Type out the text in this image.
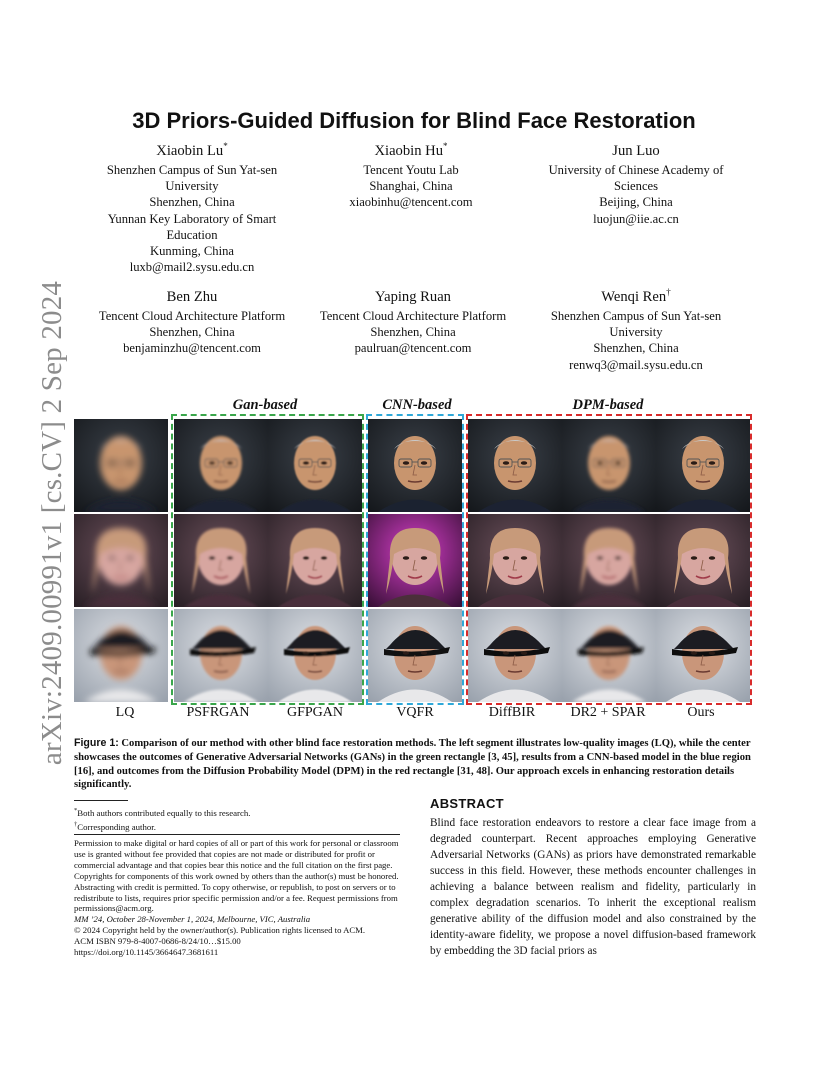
arXiv:2409.00991v1 [cs.CV] 2 Sep 2024
3D Priors-Guided Diffusion for Blind Face Restoration
Xiaobin Lu*
Shenzhen Campus of Sun Yat-sen
University
Shenzhen, China
Yunnan Key Laboratory of Smart
Education
Kunming, China
luxb@mail2.sysu.edu.cn
Xiaobin Hu*
Tencent Youtu Lab
Shanghai, China
xiaobinhu@tencent.com
Jun Luo
University of Chinese Academy of
Sciences
Beijing, China
luojun@iie.ac.cn
Ben Zhu
Tencent Cloud Architecture Platform
Shenzhen, China
benjaminzhu@tencent.com
Yaping Ruan
Tencent Cloud Architecture Platform
Shenzhen, China
paulruan@tencent.com
Wenqi Ren†
Shenzhen Campus of Sun Yat-sen
University
Shenzhen, China
renwq3@mail.sysu.edu.cn
Gan-based	CNN-based	DPM-based
LQ	PSFRGAN	GFPGAN	VQFR	DiffBIR	DR2 + SPAR	Ours
Figure 1: Comparison of our method with other blind face restoration methods. The left segment illustrates low-quality images (LQ), while the center showcases the outcomes of Generative Adversarial Networks (GANs) in the green rectangle [3, 45], results from a CNN-based model in the blue region [16], and outcomes from the Diffusion Probability Model (DPM) in the red rectangle [31, 48]. Our approach excels in enhancing restoration details significantly.
*Both authors contributed equally to this research.
†Corresponding author.
Permission to make digital or hard copies of all or part of this work for personal or classroom use is granted without fee provided that copies are not made or distributed for profit or commercial advantage and that copies bear this notice and the full citation on the first page. Copyrights for components of this work owned by others than the author(s) must be honored. Abstracting with credit is permitted. To copy otherwise, or republish, to post on servers or to redistribute to lists, requires prior specific permission and/or a fee. Request permissions from permissions@acm.org.
MM ’24, October 28-November 1, 2024, Melbourne, VIC, Australia
© 2024 Copyright held by the owner/author(s). Publication rights licensed to ACM.
ACM ISBN 979-8-4007-0686-8/24/10…$15.00
https://doi.org/10.1145/3664647.3681611
ABSTRACT
Blind face restoration endeavors to restore a clear face image from a degraded counterpart. Recent approaches employing Generative Adversarial Networks (GANs) as priors have demonstrated remarkable success in this field. However, these methods encounter challenges in achieving a balance between realism and fidelity, particularly in complex degradation scenarios. To inherit the exceptional realism generative ability of the diffusion model and also constrained by the identity-aware fidelity, we propose a novel diffusion-based framework by embedding the 3D facial priors as
